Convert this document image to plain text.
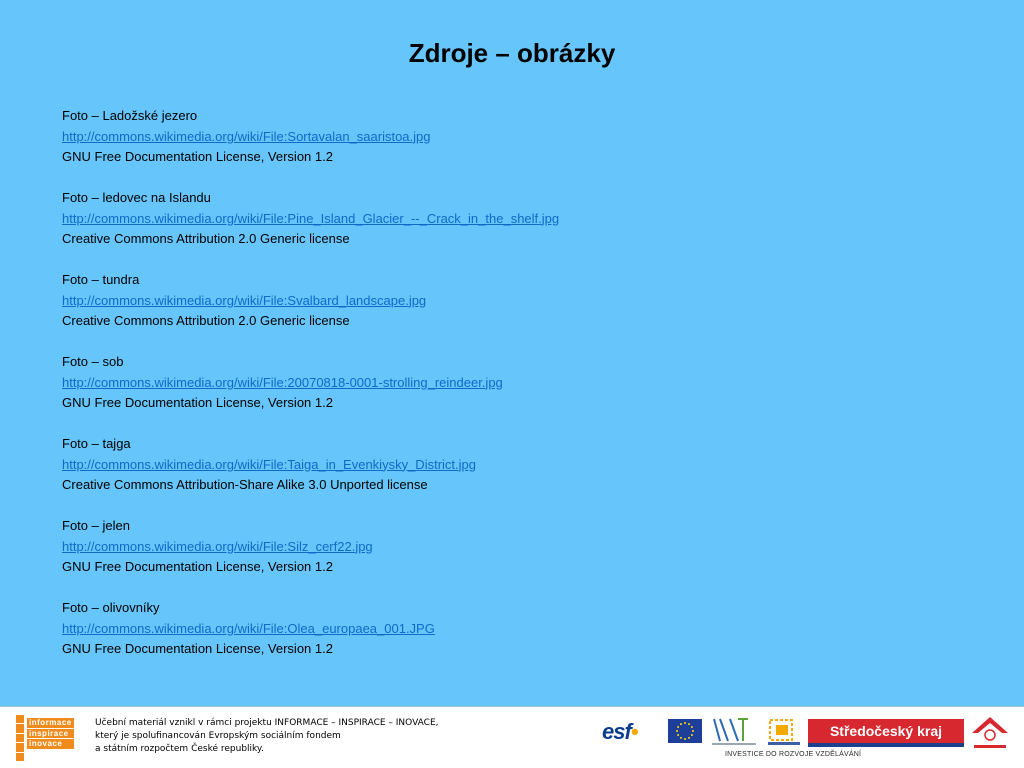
Zdroje – obrázky
Foto – Ladožské jezero
http://commons.wikimedia.org/wiki/File:Sortavalan_saaristoa.jpg
GNU Free Documentation License, Version 1.2
Foto – ledovec na Islandu
http://commons.wikimedia.org/wiki/File:Pine_Island_Glacier_--_Crack_in_the_shelf.jpg
Creative Commons Attribution 2.0 Generic license
Foto – tundra
http://commons.wikimedia.org/wiki/File:Svalbard_landscape.jpg
Creative Commons Attribution 2.0 Generic license
Foto – sob
http://commons.wikimedia.org/wiki/File:20070818-0001-strolling_reindeer.jpg
GNU Free Documentation License, Version 1.2
Foto – tajga
http://commons.wikimedia.org/wiki/File:Taiga_in_Evenkiysky_District.jpg
Creative Commons Attribution-Share Alike 3.0 Unported license
Foto – jelen
http://commons.wikimedia.org/wiki/File:Silz_cerf22.jpg
GNU Free Documentation License, Version 1.2
Foto – olivovníky
http://commons.wikimedia.org/wiki/File:Olea_europaea_001.JPG
GNU Free Documentation License, Version 1.2
informace
inspirace
inovace
Učební materiál vznikl v rámci projektu INFORMACE – INSPIRACE – INOVACE,
který je spolufinancován Evropským sociálním fondem
a státním rozpočtem České republiky.
esf•	Středočeský kraj
INVESTICE DO ROZVOJE VZDĚLÁVÁNÍ
